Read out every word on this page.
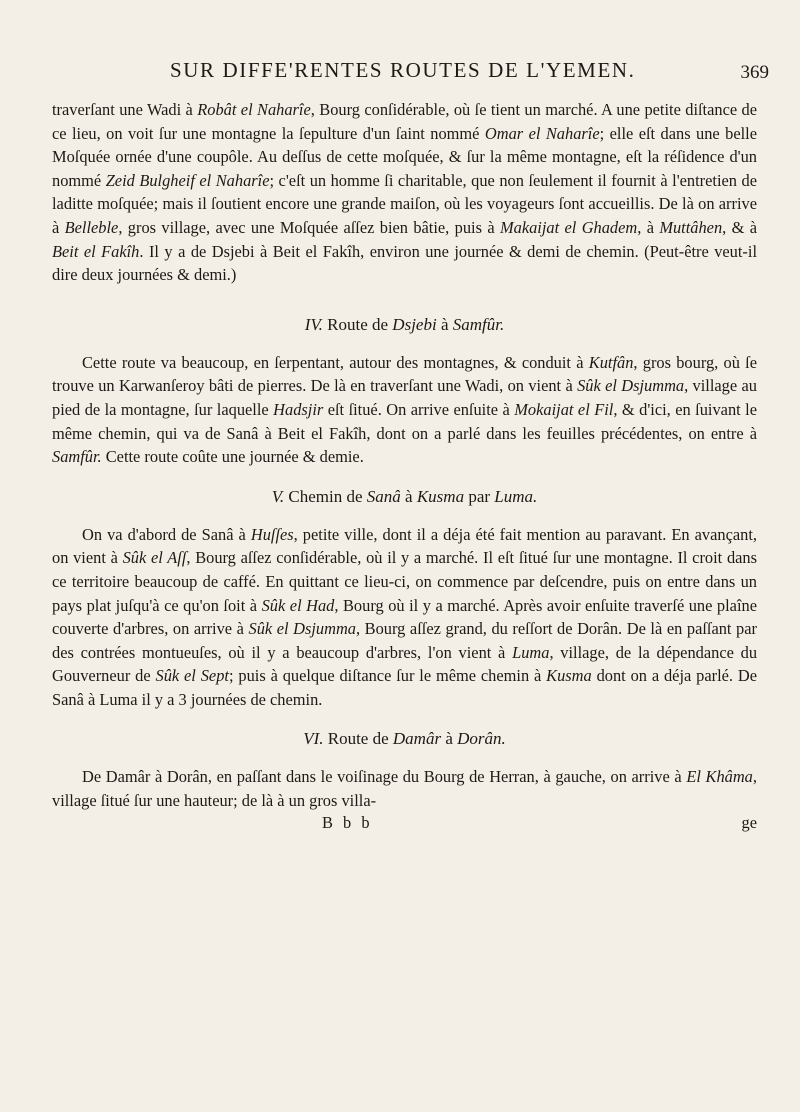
SUR DIFFE'RENTES ROUTES DE L'YEMEN.	369

traverſant une Wadi à Robât el Naharîe, Bourg conſidérable, où ſe tient un marché. A une petite diſtance de ce lieu, on voit ſur une montagne la ſepulture d'un ſaint nommé Omar el Naharîe; elle eſt dans une belle Moſquée ornée d'une coupôle. Au deſſus de cette moſquée, & ſur la même montagne, eſt la réſidence d'un nommé Zeid Bulgheif el Naharîe; c'eſt un homme ſi charitable, que non ſeulement il fournit à l'entretien de laditte moſquée; mais il ſoutient encore une grande maiſon, où les voyageurs ſont accueillis. De là on arrive à Belleble, gros village, avec une Moſquée aſſez bien bâtie, puis à Makaijat el Ghadem, à Muttâhen, & à Beit el Fakîh. Il y a de Dsjebi à Beit el Fakîh, environ une journée & demi de chemin. (Peut-être veut-il dire deux journées & demi.)

IV. Route de Dsjebi à Samfûr.

Cette route va beaucoup, en ſerpentant, autour des montagnes, & conduit à Kutfân, gros bourg, où ſe trouve un Karwanſeroy bâti de pierres. De là en traverſant une Wadi, on vient à Sûk el Dsjumma, village au pied de la montagne, ſur laquelle Hadsjir eſt ſitué. On arrive enſuite à Mokaijat el Fil, & d'ici, en ſuivant le même chemin, qui va de Sanâ à Beit el Fakîh, dont on a parlé dans les feuilles précédentes, on entre à Samfûr. Cette route coûte une journée & demie.

V. Chemin de Sanâ à Kusma par Luma.

On va d'abord de Sanâ à Huſſes, petite ville, dont il a déja été fait mention au paravant. En avançant, on vient à Sûk el Aſſ, Bourg aſſez conſidérable, où il y a marché. Il eſt ſitué ſur une montagne. Il croit dans ce territoire beaucoup de caffé. En quittant ce lieu-ci, on commence par deſcendre, puis on entre dans un pays plat juſqu'à ce qu'on ſoit à Sûk el Had, Bourg où il y a marché. Après avoir enſuite traverſé une plaîne couverte d'arbres, on arrive à Sûk el Dsjumma, Bourg aſſez grand, du reſſort de Dorân. De là en paſſant par des contrées montueuſes, où il y a beaucoup d'arbres, l'on vient à Luma, village, de la dépendance du Gouverneur de Sûk el Sept; puis à quelque diſtance ſur le même chemin à Kusma dont on a déja parlé. De Sanâ à Luma il y a 3 journées de chemin.

VI. Route de Damâr à Dorân.

De Damâr à Dorân, en paſſant dans le voiſinage du Bourg de Herran, à gauche, on arrive à El Khâma, village ſitué ſur une hauteur; de là à un gros villa-

B b b	ge
